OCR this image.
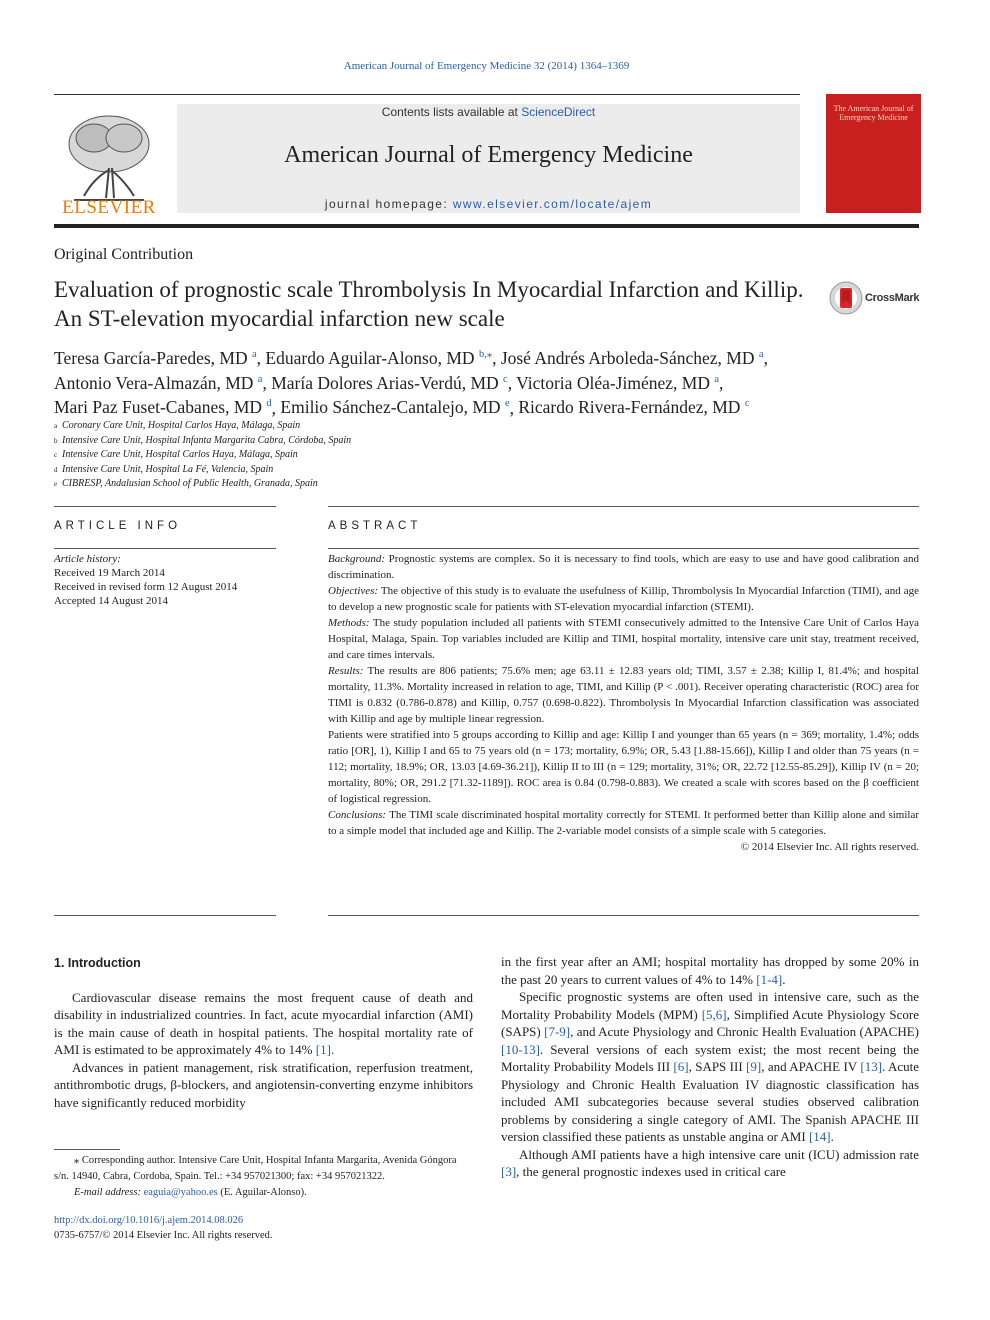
American Journal of Emergency Medicine 32 (2014) 1364–1369
ELSEVIER
Contents lists available at ScienceDirect
American Journal of Emergency Medicine
journal homepage: www.elsevier.com/locate/ajem
The American Journal of Emergency Medicine
Original Contribution
Evaluation of prognostic scale Thrombolysis In Myocardial Infarction and Killip. An ST-elevation myocardial infarction new scale
CrossMark
Teresa García-Paredes, MD $^a$, Eduardo Aguilar-Alonso, MD $^{b,⁎}$, José Andrés Arboleda-Sánchez, MD $^a$,
Antonio Vera-Almazán, MD $^a$, María Dolores Arias-Verdú, MD $^c$, Victoria Oléa-Jiménez, MD $^a$,
Mari Paz Fuset-Cabanes, MD $^d$, Emilio Sánchez-Cantalejo, MD $^e$, Ricardo Rivera-Fernández, MD $^c$
a Coronary Care Unit, Hospital Carlos Haya, Málaga, Spain
b Intensive Care Unit, Hospital Infanta Margarita Cabra, Córdoba, Spain
c Intensive Care Unit, Hospital Carlos Haya, Málaga, Spain
d Intensive Care Unit, Hospital La Fé, Valencia, Spain
e CIBRESP, Andalusian School of Public Health, Granada, Spain
ARTICLE INFO	ABSTRACT
Article history:
Received 19 March 2014
Received in revised form 12 August 2014
Accepted 14 August 2014

Background: Prognostic systems are complex. So it is necessary to find tools, which are easy to use and have good calibration and discrimination.

Objectives: The objective of this study is to evaluate the usefulness of Killip, Thrombolysis In Myocardial Infarction (TIMI), and age to develop a new prognostic scale for patients with ST-elevation myocardial infarction (STEMI).

Methods: The study population included all patients with STEMI consecutively admitted to the Intensive Care Unit of Carlos Haya Hospital, Malaga, Spain. Top variables included are Killip and TIMI, hospital mortality, intensive care unit stay, treatment received, and care times intervals.

Results: The results are 806 patients; 75.6% men; age 63.11 ± 12.83 years old; TIMI, 3.57 ± 2.38; Killip I, 81.4%; and hospital mortality, 11.3%. Mortality increased in relation to age, TIMI, and Killip (P < .001). Receiver operating characteristic (ROC) area for TIMI is 0.832 (0.786-0.878) and Killip, 0.757 (0.698-0.822). Thrombolysis In Myocardial Infarction classification was associated with Killip and age by multiple linear regression.

Patients were stratified into 5 groups according to Killip and age: Killip I and younger than 65 years (n = 369; mortality, 1.4%; odds ratio [OR], 1), Killip I and 65 to 75 years old (n = 173; mortality, 6.9%; OR, 5.43 [1.88-15.66]), Killip I and older than 75 years (n = 112; mortality, 18.9%; OR, 13.03 [4.69-36.21]), Killip II to III (n = 129; mortality, 31%; OR, 22.72 [12.55-85.29]), Killip IV (n = 20; mortality, 80%; OR, 291.2 [71.32-1189]). ROC area is 0.84 (0.798-0.883). We created a scale with scores based on the β coefficient of logistical regression.

Conclusions: The TIMI scale discriminated hospital mortality correctly for STEMI. It performed better than Killip alone and similar to a simple model that included age and Killip. The 2-variable model consists of a simple scale with 5 categories.

© 2014 Elsevier Inc. All rights reserved.

1. Introduction

Cardiovascular disease remains the most frequent cause of death and disability in industrialized countries. In fact, acute myocardial infarction (AMI) is the main cause of death in hospital patients. The hospital mortality rate of AMI is estimated to be approximately 4% to 14% [1].

Advances in patient management, risk stratification, reperfusion treatment, antithrombotic drugs, β-blockers, and angiotensin-converting enzyme inhibitors have significantly reduced morbidity

in the first year after an AMI; hospital mortality has dropped by some 20% in the past 20 years to current values of 4% to 14% [1-4].

Specific prognostic systems are often used in intensive care, such as the Mortality Probability Models (MPM) [5,6], Simplified Acute Physiology Score (SAPS) [7-9], and Acute Physiology and Chronic Health Evaluation (APACHE) [10-13]. Several versions of each system exist; the most recent being the Mortality Probability Models III [6], SAPS III [9], and APACHE IV [13]. Acute Physiology and Chronic Health Evaluation IV diagnostic classification has included AMI subcategories because several studies observed calibration problems by considering a single category of AMI. The Spanish APACHE III version classified these patients as unstable angina or AMI [14].

Although AMI patients have a high intensive care unit (ICU) admission rate [3], the general prognostic indexes used in critical care

⁎ Corresponding author. Intensive Care Unit, Hospital Infanta Margarita, Avenida Góngora s/n. 14940, Cabra, Cordoba, Spain. Tel.: +34 957021300; fax: +34 957021322.
E-mail address: eaguia@yahoo.es (E. Aguilar-Alonso).
http://dx.doi.org/10.1016/j.ajem.2014.08.026
0735-6757/© 2014 Elsevier Inc. All rights reserved.
